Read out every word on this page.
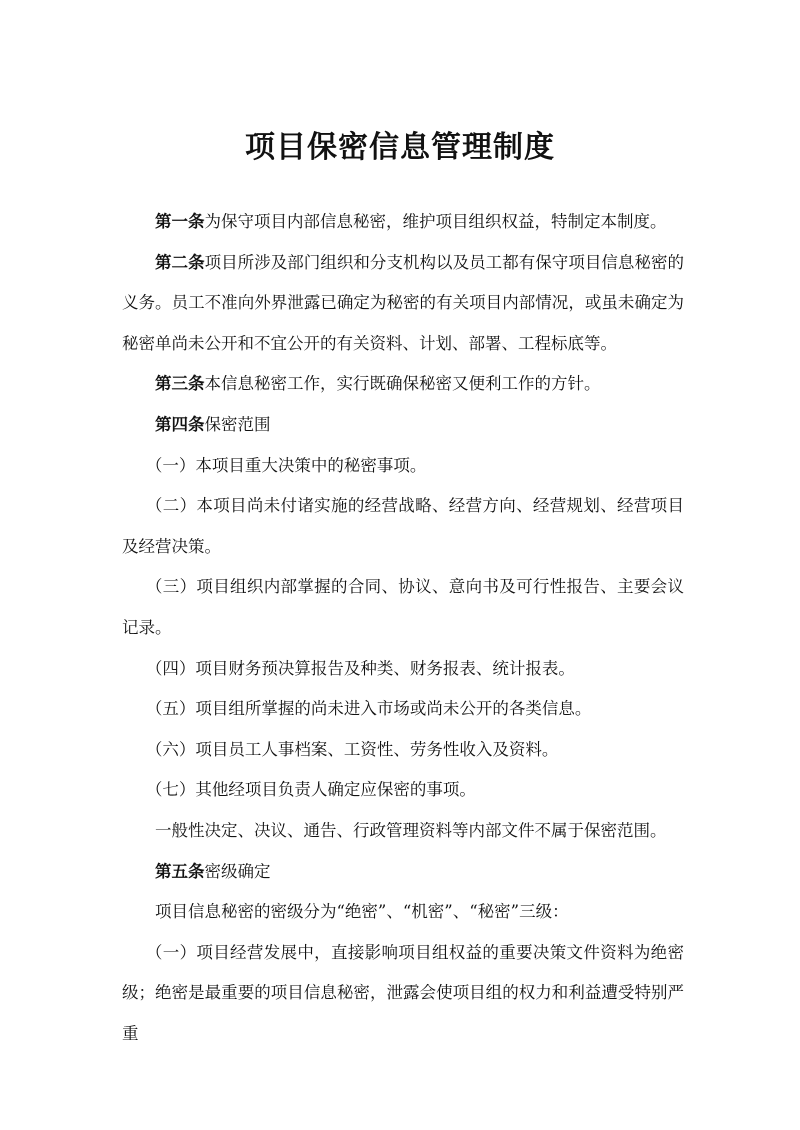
项目保密信息管理制度

第一条为保守项目内部信息秘密，维护项目组织权益，特制定本制度。

第二条项目所涉及部门组织和分支机构以及员工都有保守项目信息秘密的义务。员工不准向外界泄露已确定为秘密的有关项目内部情况，或虽未确定为秘密单尚未公开和不宜公开的有关资料、计划、部署、工程标底等。

第三条本信息秘密工作，实行既确保秘密又便利工作的方针。

第四条保密范围

（一）本项目重大决策中的秘密事项。

（二）本项目尚未付诸实施的经营战略、经营方向、经营规划、经营项目及经营决策。

（三）项目组织内部掌握的合同、协议、意向书及可行性报告、主要会议记录。

（四）项目财务预决算报告及种类、财务报表、统计报表。

（五）项目组所掌握的尚未进入市场或尚未公开的各类信息。

（六）项目员工人事档案、工资性、劳务性收入及资料。

（七）其他经项目负责人确定应保密的事项。

一般性决定、决议、通告、行政管理资料等内部文件不属于保密范围。

第五条密级确定

项目信息秘密的密级分为“绝密”、“机密”、“秘密”三级：

（一）项目经营发展中，直接影响项目组权益的重要决策文件资料为绝密级；绝密是最重要的项目信息秘密，泄露会使项目组的权力和利益遭受特别严重
